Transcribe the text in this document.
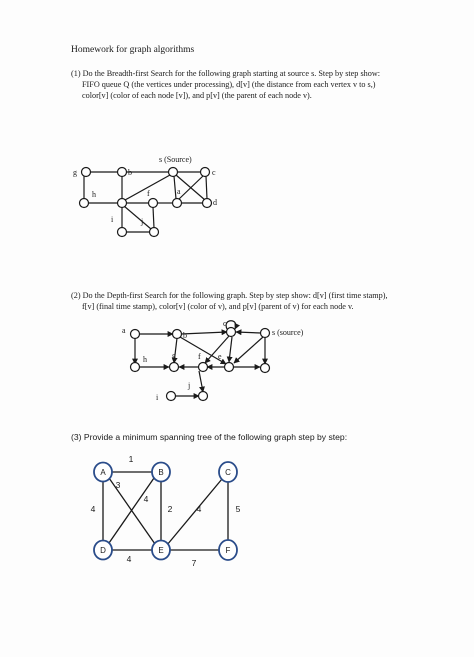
Homework for graph algorithms
(1) Do the Breadth-first Search for the following graph starting at source s. Step by step show:

FIFO queue Q (the vertices under processing), d[v] (the distance from each vertex v to s,)
color[v] (color of each node [v]), and p[v] (the parent of each node v).
s (Source)
g	b	c
h	f	a
d
i	j
(2) Do the Depth-first Search for the following graph. Step by step show: d[v] (first time stamp),

f[v] (final time stamp), color[v] (color of v), and p[v] (parent of v) for each node v.
s (source)
a
b
c
h	g	f e
j
i
(3) Provide a minimum spanning tree of the following graph step by step:
A	B	C
D	E	F
1
3
4
4	2	4	5
4	7
